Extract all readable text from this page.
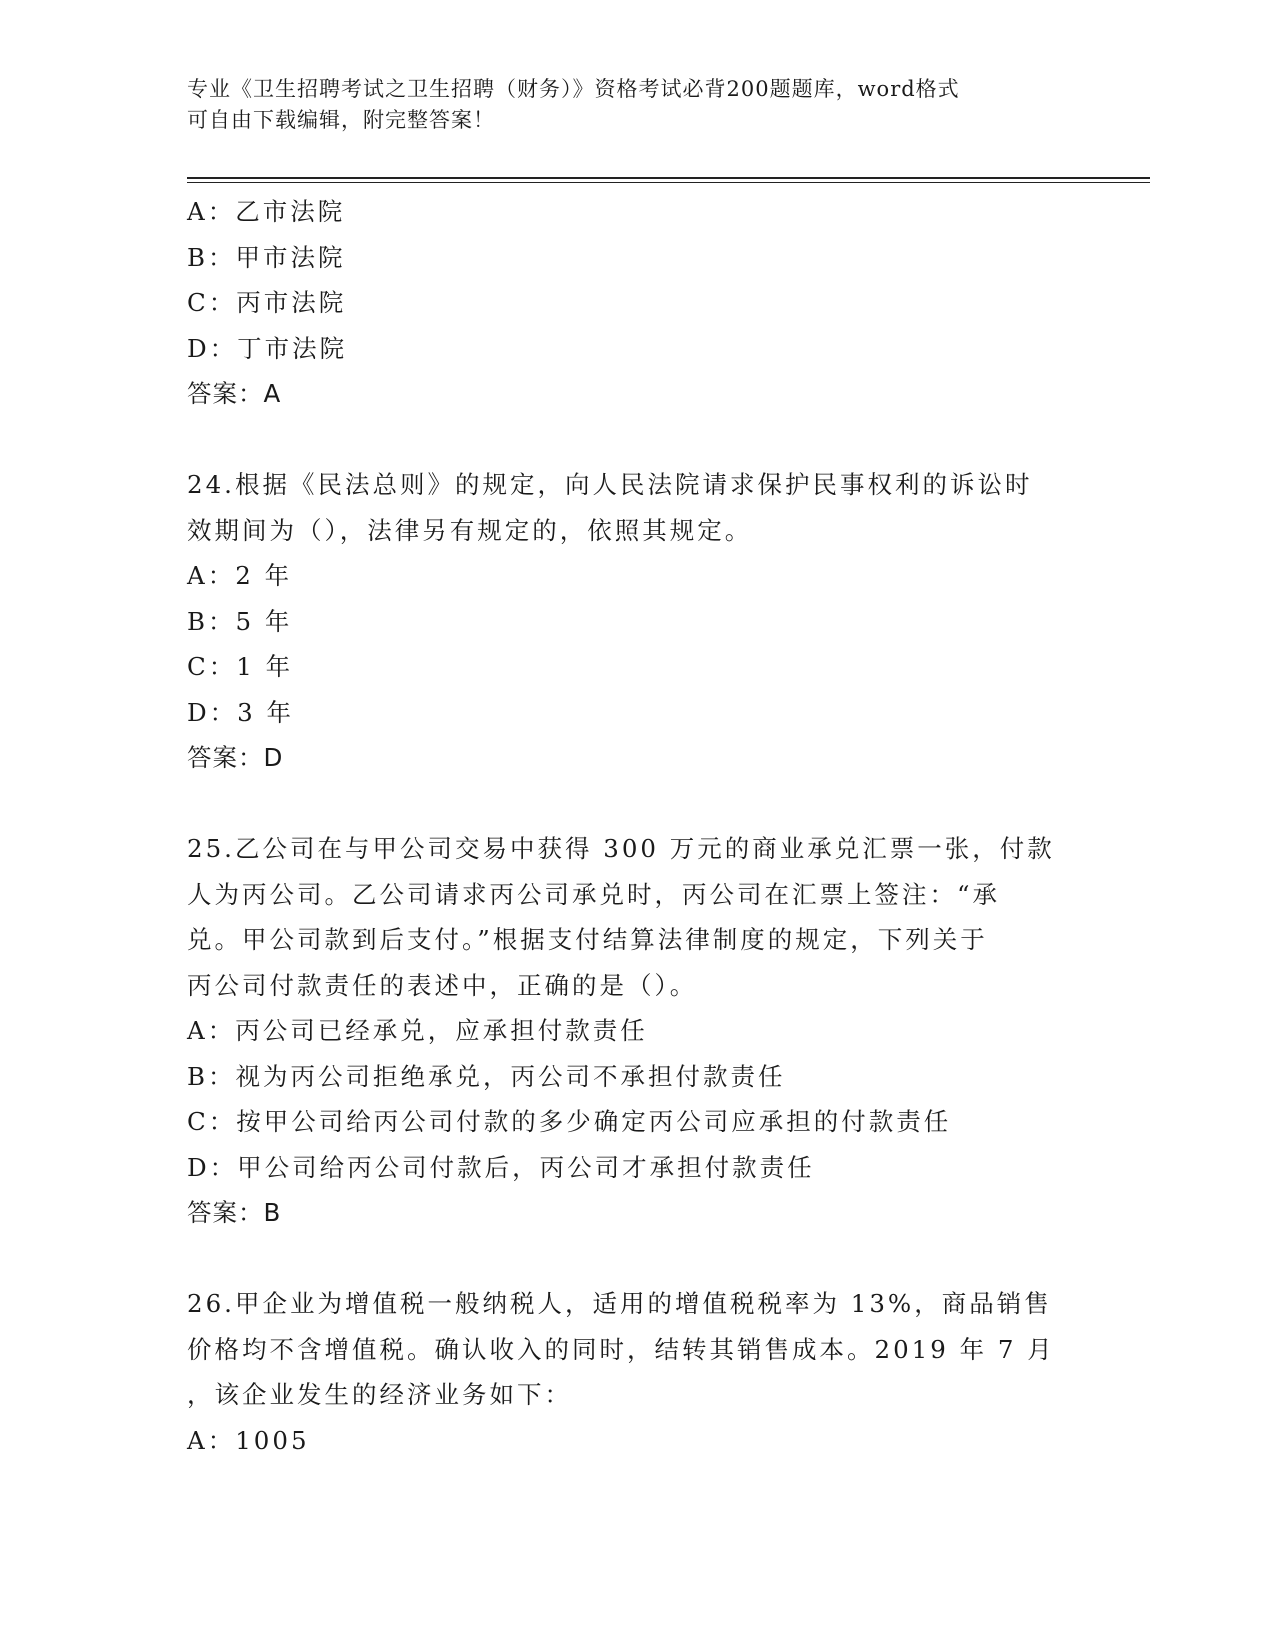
专业《卫生招聘考试之卫生招聘（财务）》资格考试必背200题题库，word格式
可自由下载编辑，附完整答案！
A：乙市法院
B：甲市法院
C：丙市法院
D：丁市法院
答案：A
24.根据《民法总则》的规定，向人民法院请求保护民事权利的诉讼时
效期间为（），法律另有规定的，依照其规定。
A：2 年
B：5 年
C：1 年
D：3 年
答案：D
25.乙公司在与甲公司交易中获得 300 万元的商业承兑汇票一张，付款
人为丙公司。乙公司请求丙公司承兑时，丙公司在汇票上签注：“承
兑。甲公司款到后支付。”根据支付结算法律制度的规定，下列关于
丙公司付款责任的表述中，正确的是（）。
A：丙公司已经承兑，应承担付款责任
B：视为丙公司拒绝承兑，丙公司不承担付款责任
C：按甲公司给丙公司付款的多少确定丙公司应承担的付款责任
D：甲公司给丙公司付款后，丙公司才承担付款责任
答案：B
26.甲企业为增值税一般纳税人，适用的增值税税率为 13%，商品销售
价格均不含增值税。确认收入的同时，结转其销售成本。2019 年 7 月
，该企业发生的经济业务如下：
A：1005
